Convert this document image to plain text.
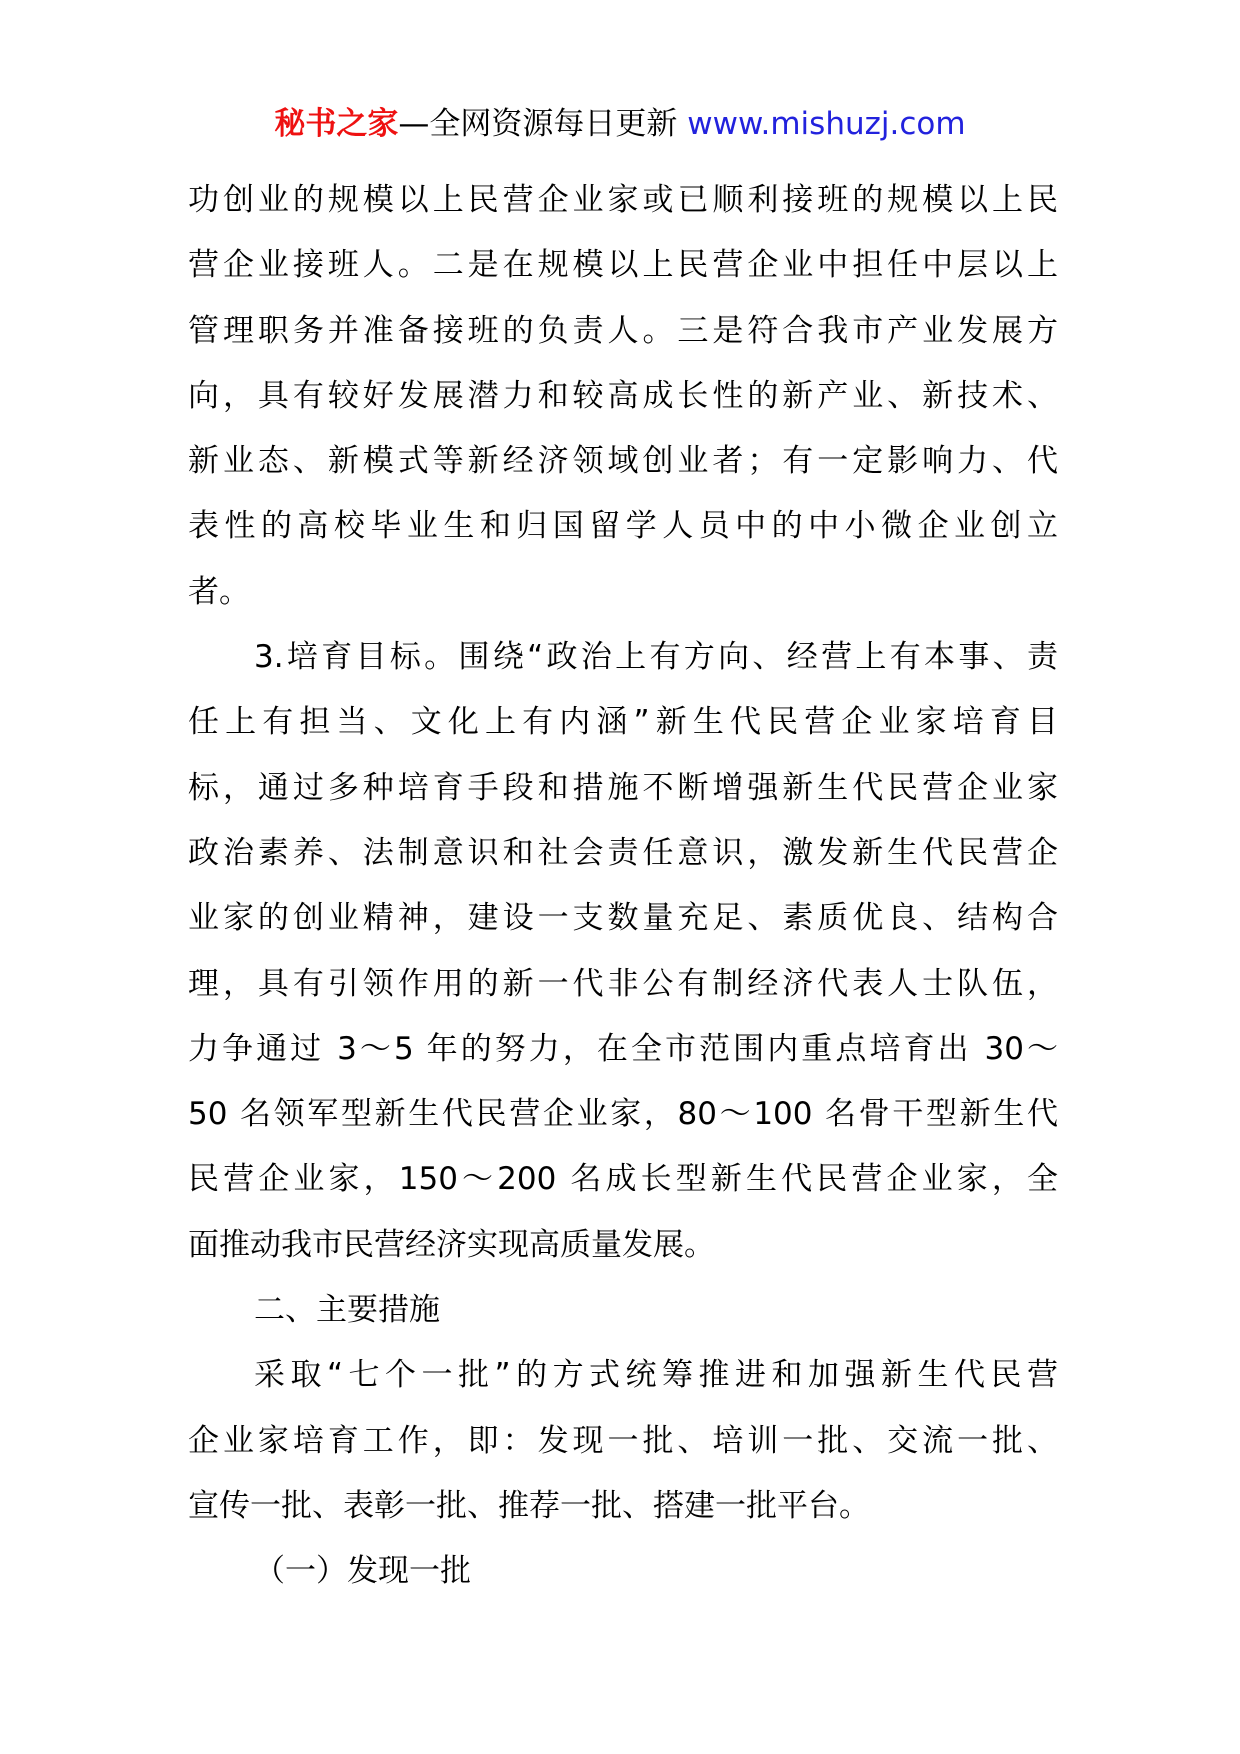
秘书之家—全网资源每日更新 www.mishuzj.com
功创业的规模以上民营企业家或已顺利接班的规模以上民
营企业接班人。二是在规模以上民营企业中担任中层以上
管理职务并准备接班的负责人。三是符合我市产业发展方
向，具有较好发展潜力和较高成长性的新产业、新技术、
新业态、新模式等新经济领域创业者；有一定影响力、代
表性的高校毕业生和归国留学人员中的中小微企业创立
者。
3.培育目标。围绕“政治上有方向、经营上有本事、责
任上有担当、文化上有内涵”新生代民营企业家培育目
标，通过多种培育手段和措施不断增强新生代民营企业家
政治素养、法制意识和社会责任意识，激发新生代民营企
业家的创业精神，建设一支数量充足、素质优良、结构合
理，具有引领作用的新一代非公有制经济代表人士队伍，
力争通过 3～5 年的努力，在全市范围内重点培育出 30～
50 名领军型新生代民营企业家，80～100 名骨干型新生代
民营企业家，150～200 名成长型新生代民营企业家，全
面推动我市民营经济实现高质量发展。
二、主要措施
采取“七个一批”的方式统筹推进和加强新生代民营
企业家培育工作，即：发现一批、培训一批、交流一批、
宣传一批、表彰一批、推荐一批、搭建一批平台。
（一）发现一批
